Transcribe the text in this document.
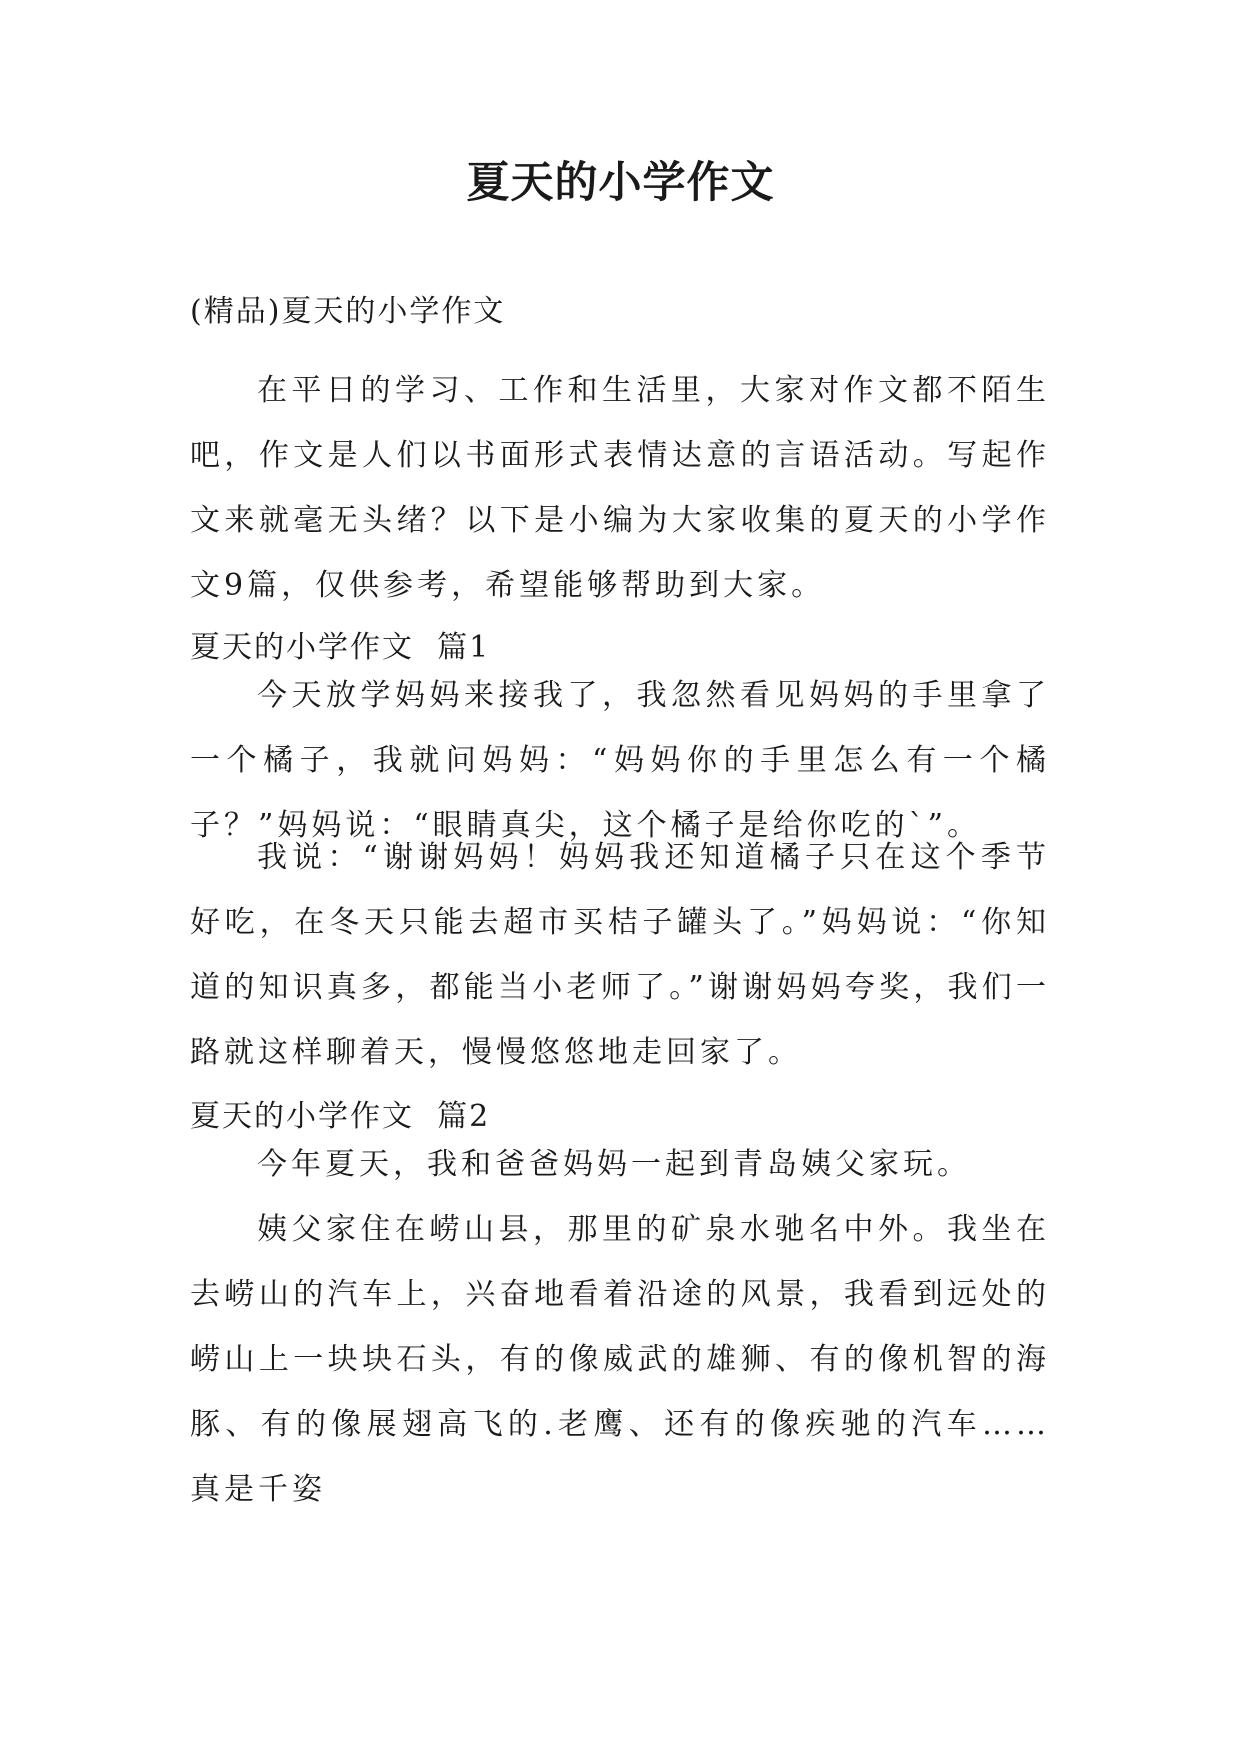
夏天的小学作文
(精品)夏天的小学作文

在平日的学习、工作和生活里，大家对作文都不陌生吧，作文是人们以书面形式表情达意的言语活动。写起作文来就毫无头绪？以下是小编为大家收集的夏天的小学作文9篇，仅供参考，希望能够帮助到大家。

夏天的小学作文  篇1

今天放学妈妈来接我了，我忽然看见妈妈的手里拿了一个橘子，我就问妈妈：“妈妈你的手里怎么有一个橘子？”妈妈说：“眼睛真尖，这个橘子是给你吃的`”。

我说：“谢谢妈妈！妈妈我还知道橘子只在这个季节好吃，在冬天只能去超市买桔子罐头了。”妈妈说：“你知道的知识真多，都能当小老师了。”谢谢妈妈夸奖，我们一路就这样聊着天，慢慢悠悠地走回家了。

夏天的小学作文  篇2

今年夏天，我和爸爸妈妈一起到青岛姨父家玩。

姨父家住在崂山县，那里的矿泉水驰名中外。我坐在去崂山的汽车上，兴奋地看着沿途的风景，我看到远处的崂山上一块块石头，有的像威武的雄狮、有的像机智的海豚、有的像展翅高飞的.老鹰、还有的像疾驰的汽车……真是千姿
